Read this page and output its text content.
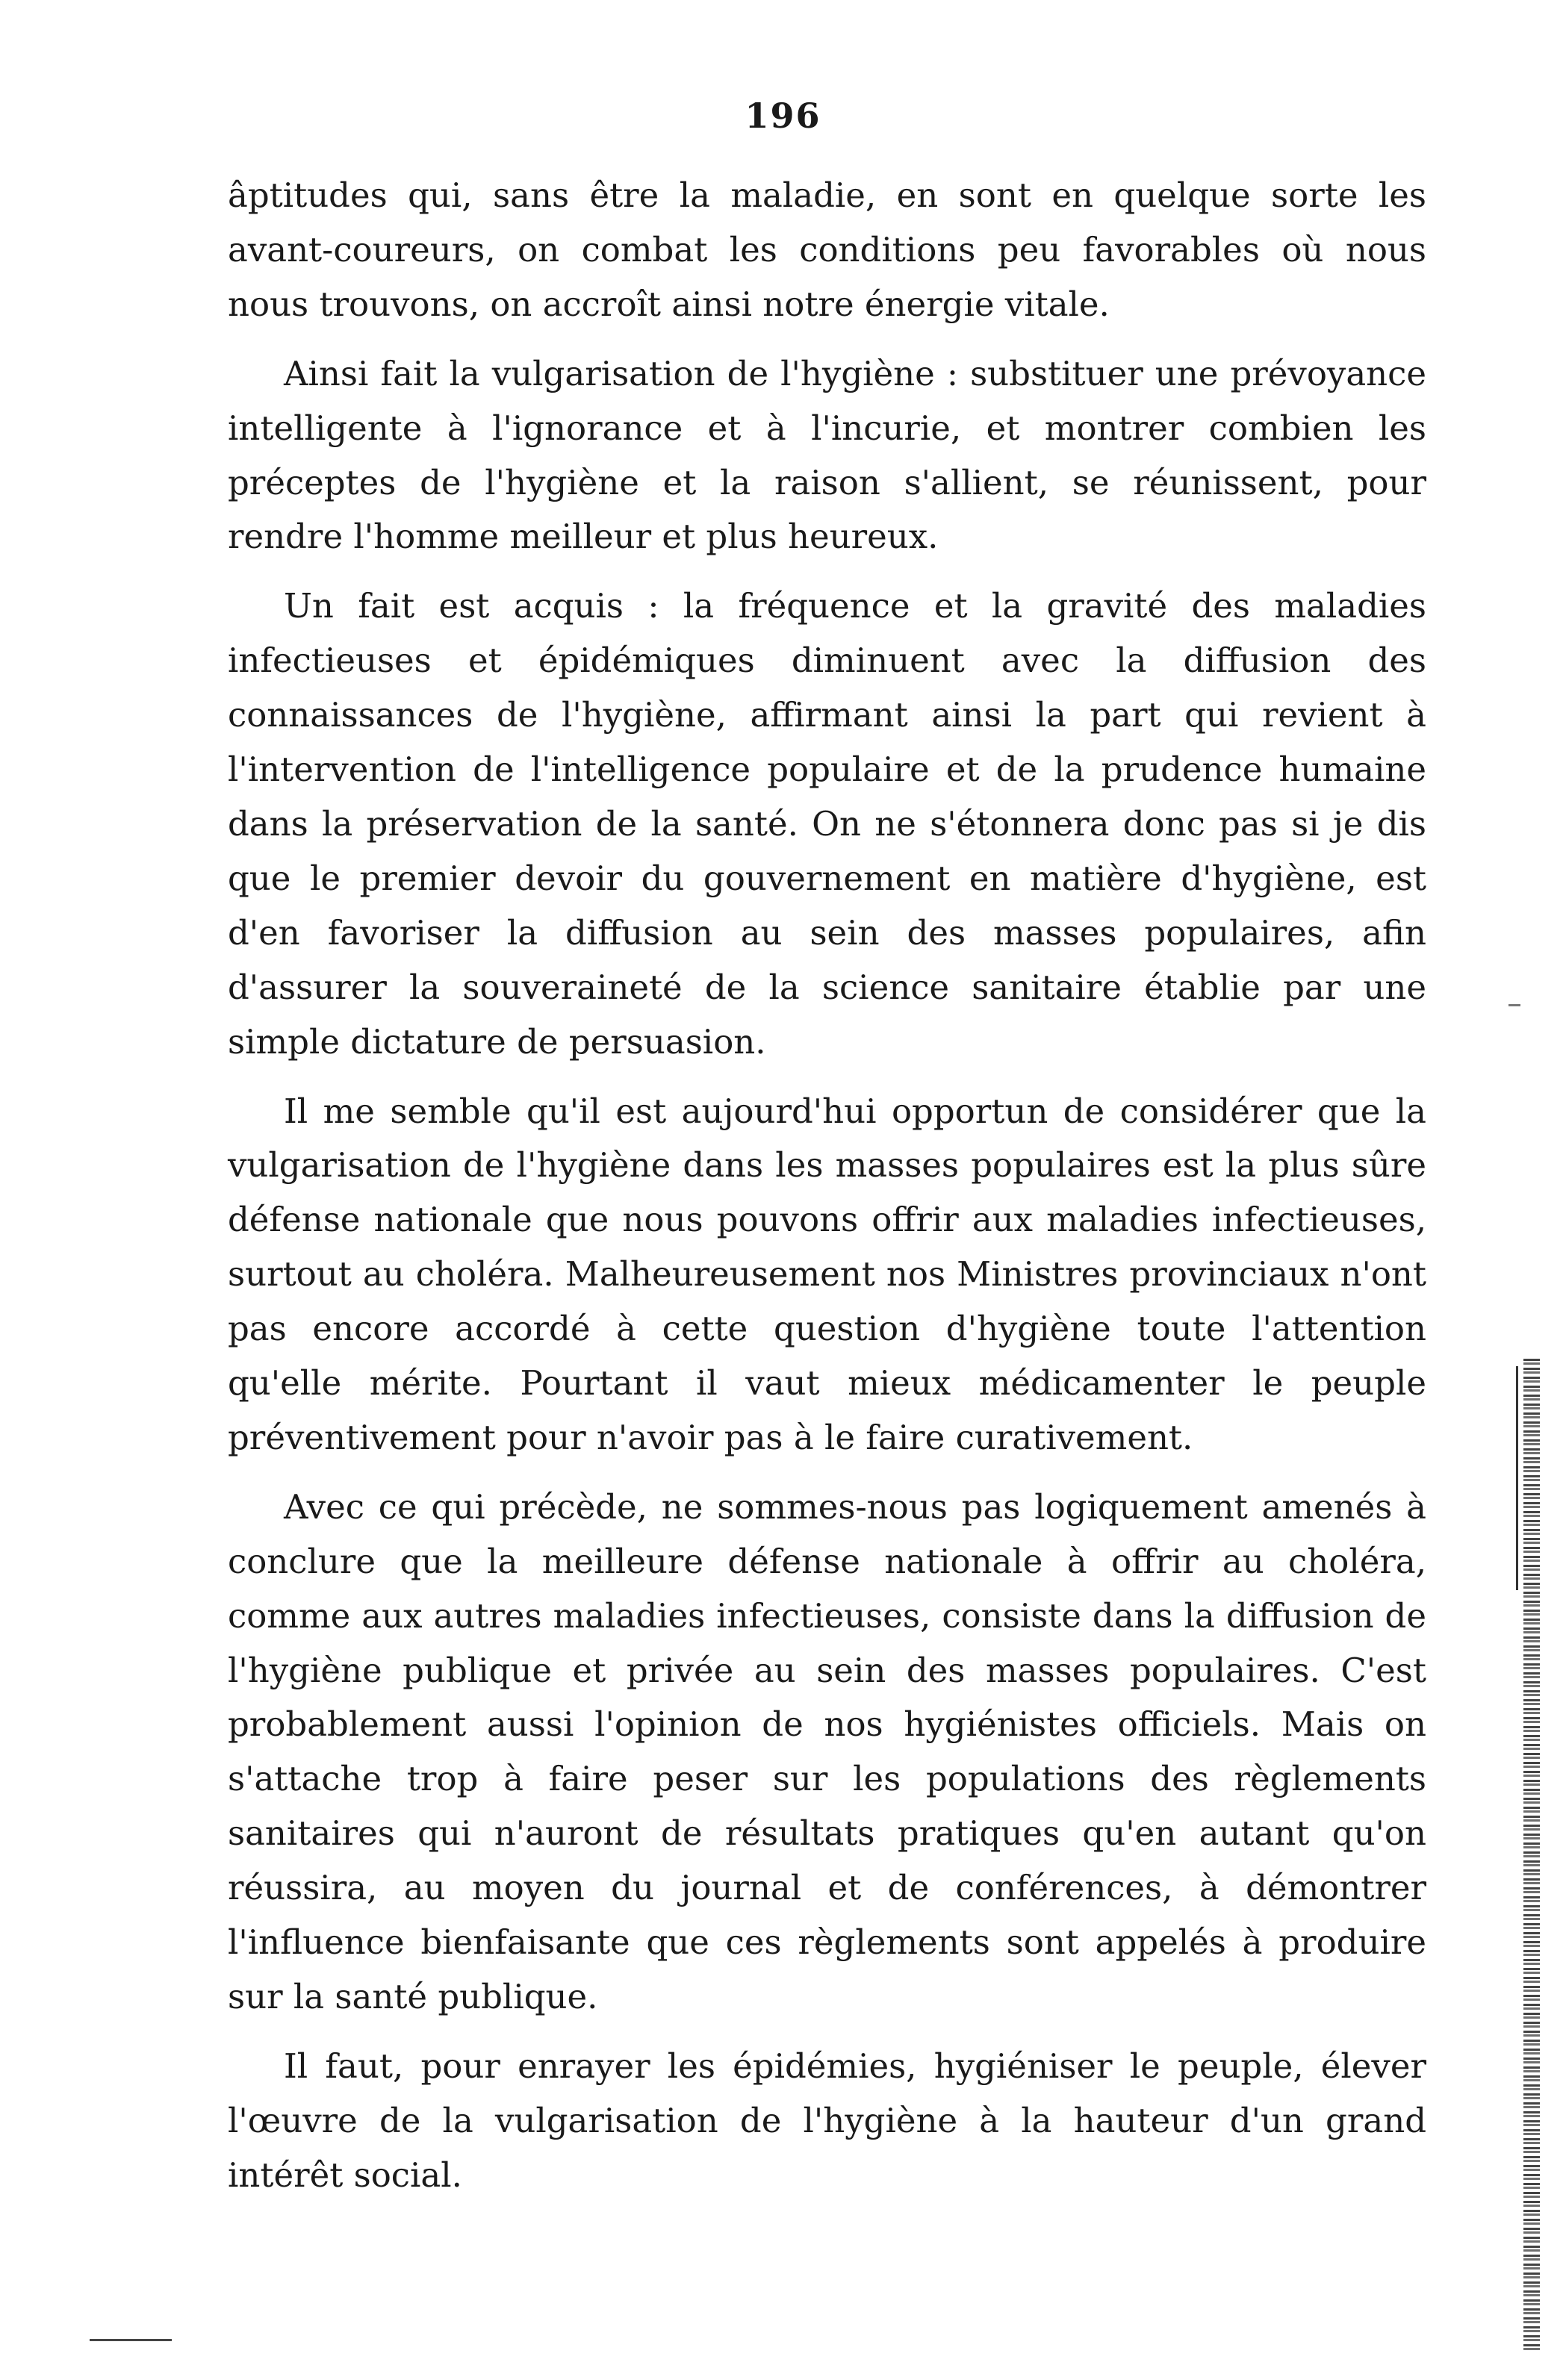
196

âptitudes qui, sans être la maladie, en sont en quelque sorte les avant-coureurs, on combat les conditions peu favorables où nous nous trouvons, on accroît ainsi notre énergie vitale.

Ainsi fait la vulgarisation de l'hygiène : substituer une prévoyance intelligente à l'ignorance et à l'incurie, et montrer combien les préceptes de l'hygiène et la raison s'allient, se réunissent, pour rendre l'homme meilleur et plus heureux.

Un fait est acquis : la fréquence et la gravité des maladies infectieuses et épidémiques diminuent avec la diffusion des connaissances de l'hygiène, affirmant ainsi la part qui revient à l'intervention de l'intelligence populaire et de la prudence humaine dans la préservation de la santé. On ne s'étonnera donc pas si je dis que le premier devoir du gouvernement en matière d'hygiène, est d'en favoriser la diffusion au sein des masses populaires, afin d'assurer la souveraineté de la science sanitaire établie par une simple dictature de persuasion.

Il me semble qu'il est aujourd'hui opportun de considérer que la vulgarisation de l'hygiène dans les masses populaires est la plus sûre défense nationale que nous pouvons offrir aux maladies infectieuses, surtout au choléra. Malheureusement nos Ministres provinciaux n'ont pas encore accordé à cette question d'hygiène toute l'attention qu'elle mérite. Pourtant il vaut mieux médicamenter le peuple préventivement pour n'avoir pas à le faire curativement.

Avec ce qui précède, ne sommes-nous pas logiquement amenés à conclure que la meilleure défense nationale à offrir au choléra, comme aux autres maladies infectieuses, consiste dans la diffusion de l'hygiène publique et privée au sein des masses populaires. C'est probablement aussi l'opinion de nos hygiénistes officiels. Mais on s'attache trop à faire peser sur les populations des règlements sanitaires qui n'auront de résultats pratiques qu'en autant qu'on réussira, au moyen du journal et de conférences, à démontrer l'influence bienfaisante que ces règlements sont appelés à produire sur la santé publique.

Il faut, pour enrayer les épidémies, hygiéniser le peuple, élever l'œuvre de la vulgarisation de l'hygiène à la hauteur d'un grand intérêt social.
